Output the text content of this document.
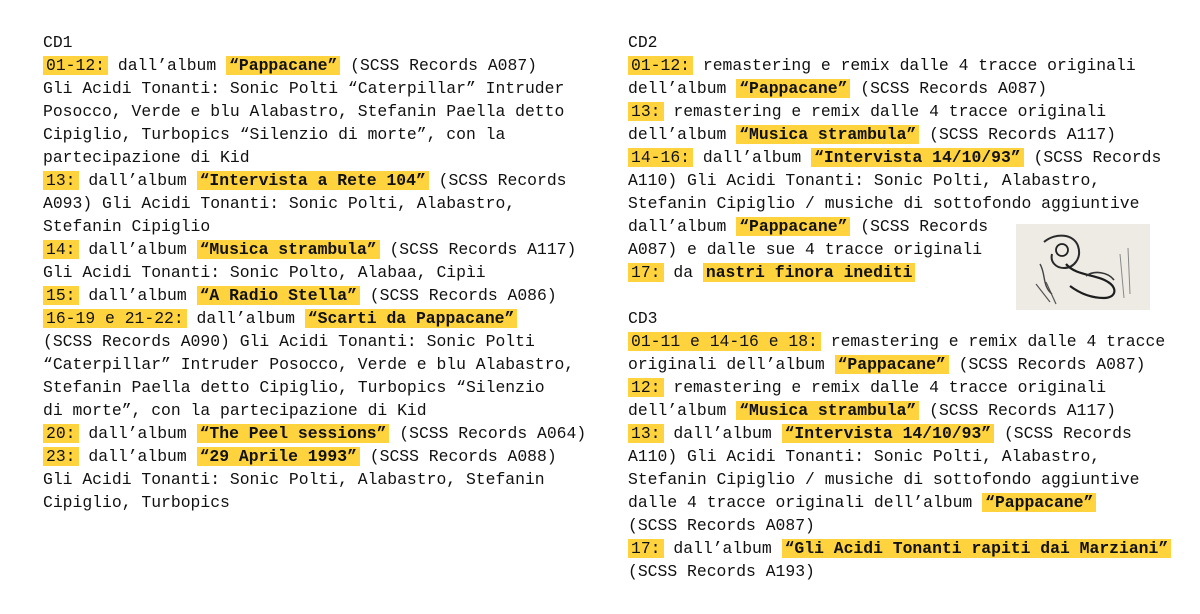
CD1

01-12: dall’album “Pappacane” (SCSS Records A087)

Gli Acidi Tonanti: Sonic Polti “Caterpillar” Intruder

Posocco, Verde e blu Alabastro, Stefanin Paella detto

Cipiglio, Turbopics “Silenzio di morte”, con la

partecipazione di Kid

13: dall’album “Intervista a Rete 104” (SCSS Records

A093) Gli Acidi Tonanti: Sonic Polti, Alabastro,

Stefanin Cipiglio

14: dall’album “Musica strambula” (SCSS Records A117)

Gli Acidi Tonanti: Sonic Polto, Alabaa, Cipìi

15: dall’album “A Radio Stella” (SCSS Records A086)

16-19 e 21-22: dall’album “Scarti da Pappacane”

(SCSS Records A090) Gli Acidi Tonanti: Sonic Polti

“Caterpillar” Intruder Posocco, Verde e blu Alabastro,

Stefanin Paella detto Cipiglio, Turbopics “Silenzio

di morte”, con la partecipazione di Kid

20: dall’album “The Peel sessions” (SCSS Records A064)

23: dall’album “29 Aprile 1993” (SCSS Records A088)

Gli Acidi Tonanti: Sonic Polti, Alabastro, Stefanin

Cipiglio, Turbopics

CD2

01-12: remastering e remix dalle 4 tracce originali

dell’album “Pappacane” (SCSS Records A087)

13: remastering e remix dalle 4 tracce originali

dell’album “Musica strambula” (SCSS Records A117)

14-16: dall’album “Intervista 14/10/93” (SCSS Records

A110) Gli Acidi Tonanti: Sonic Polti, Alabastro,

Stefanin Cipiglio / musiche di sottofondo aggiuntive

dall’album “Pappacane” (SCSS Records

A087) e dalle sue 4 tracce originali

17: da nastri finora inediti

CD3

01-11 e 14-16 e 18: remastering e remix dalle 4 tracce

originali dell’album “Pappacane” (SCSS Records A087)

12: remastering e remix dalle 4 tracce originali

dell’album “Musica strambula” (SCSS Records A117)

13: dall’album “Intervista 14/10/93” (SCSS Records

A110) Gli Acidi Tonanti: Sonic Polti, Alabastro,

Stefanin Cipiglio / musiche di sottofondo aggiuntive

dalle 4 tracce originali dell’album “Pappacane”

(SCSS Records A087)

17: dall’album “Gli Acidi Tonanti rapiti dai Marziani”

(SCSS Records A193)
